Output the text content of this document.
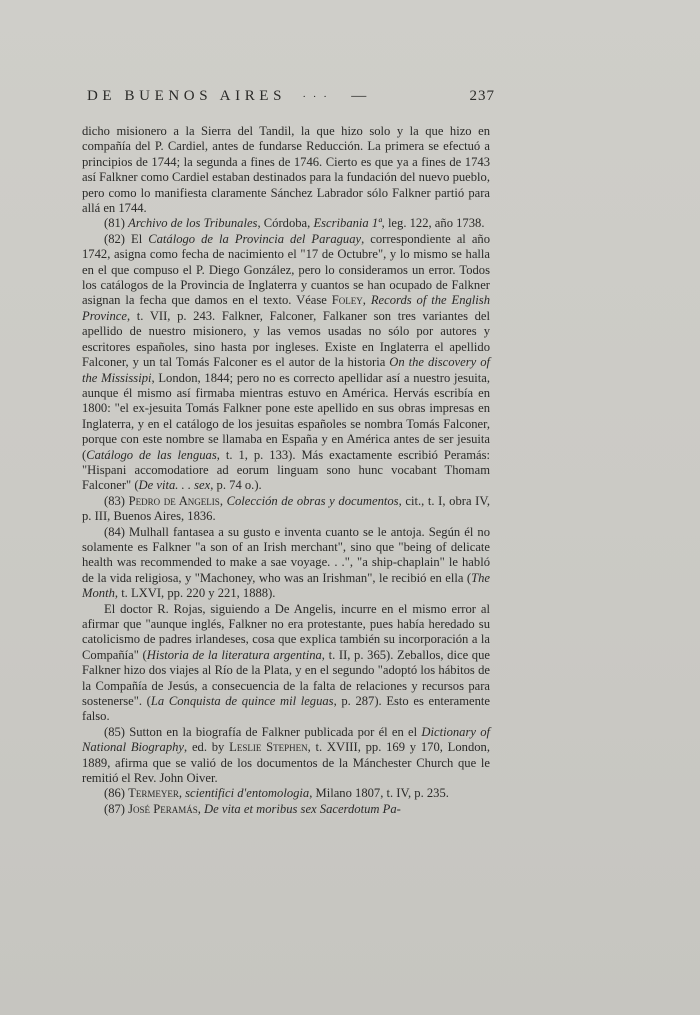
DE BUENOS AIRES · · · —	237

dicho misionero a la Sierra del Tandil, la que hizo solo y la que hizo en compañía del P. Cardiel, antes de fundarse Reducción. La primera se efectuó a principios de 1744; la segunda a fines de 1746. Cierto es que ya a fines de 1743 así Falkner como Cardiel estaban destinados para la fundación del nuevo pueblo, pero como lo manifiesta claramente Sánchez Labrador sólo Falkner partió para allá en 1744.

(81) Archivo de los Tribunales, Córdoba, Escribania 1ª, leg. 122, año 1738.

(82) El Catálogo de la Provincia del Paraguay, correspondiente al año 1742, asigna como fecha de nacimiento el "17 de Octubre", y lo mismo se halla en el que compuso el P. Diego González, pero lo consideramos un error. Todos los catálogos de la Provincia de Inglaterra y cuantos se han ocupado de Falkner asignan la fecha que damos en el texto. Véase Foley, Records of the English Province, t. VII, p. 243. Falkner, Falconer, Falkaner son tres variantes del apellido de nuestro misionero, y las vemos usadas no sólo por autores y escritores españoles, sino hasta por ingleses. Existe en Inglaterra el apellido Falconer, y un tal Tomás Falconer es el autor de la historia On the discovery of the Mississipi, London, 1844; pero no es correcto apellidar así a nuestro jesuita, aunque él mismo así firmaba mientras estuvo en América. Hervás escribía en 1800: "el ex-jesuita Tomás Falkner pone este apellido en sus obras impresas en Inglaterra, y en el catálogo de los jesuitas españoles se nombra Tomás Falconer, porque con este nombre se llamaba en España y en América antes de ser jesuita (Catálogo de las lenguas, t. 1, p. 133). Más exactamente escribió Peramás: "Hispani accomodatiore ad eorum linguam sono hunc vocabant Thomam Falconer" (De vita. . . sex, p. 74 o.).

(83) Pedro de Angelis, Colección de obras y documentos, cit., t. I, obra IV, p. III, Buenos Aires, 1836.

(84) Mulhall fantasea a su gusto e inventa cuanto se le antoja. Según él no solamente es Falkner "a son of an Irish merchant", sino que "being of delicate health was recommended to make a sae voyage. . .", "a ship-chaplain" le habló de la vida religiosa, y "Machoney, who was an Irishman", le recibió en ella (The Month, t. LXVI, pp. 220 y 221, 1888).

El doctor R. Rojas, siguiendo a De Angelis, incurre en el mismo error al afirmar que "aunque inglés, Falkner no era protestante, pues había heredado su catolicismo de padres irlandeses, cosa que explica también su incorporación a la Compañía" (Historia de la literatura argentina, t. II, p. 365). Zeballos, dice que Falkner hizo dos viajes al Río de la Plata, y en el segundo "adoptó los hábitos de la Compañía de Jesús, a consecuencia de la falta de relaciones y recursos para sostenerse". (La Conquista de quince mil leguas, p. 287). Esto es enteramente falso.

(85) Sutton en la biografía de Falkner publicada por él en el Dictionary of National Biography, ed. by Leslie Stephen, t. XVIII, pp. 169 y 170, London, 1889, afirma que se valió de los documentos de la Mánchester Church que le remitió el Rev. John Oiver.

(86) Termeyer, scientifici d'entomologia, Milano 1807, t. IV, p. 235.

(87) José Peramás, De vita et moribus sex Sacerdotum Pa-
